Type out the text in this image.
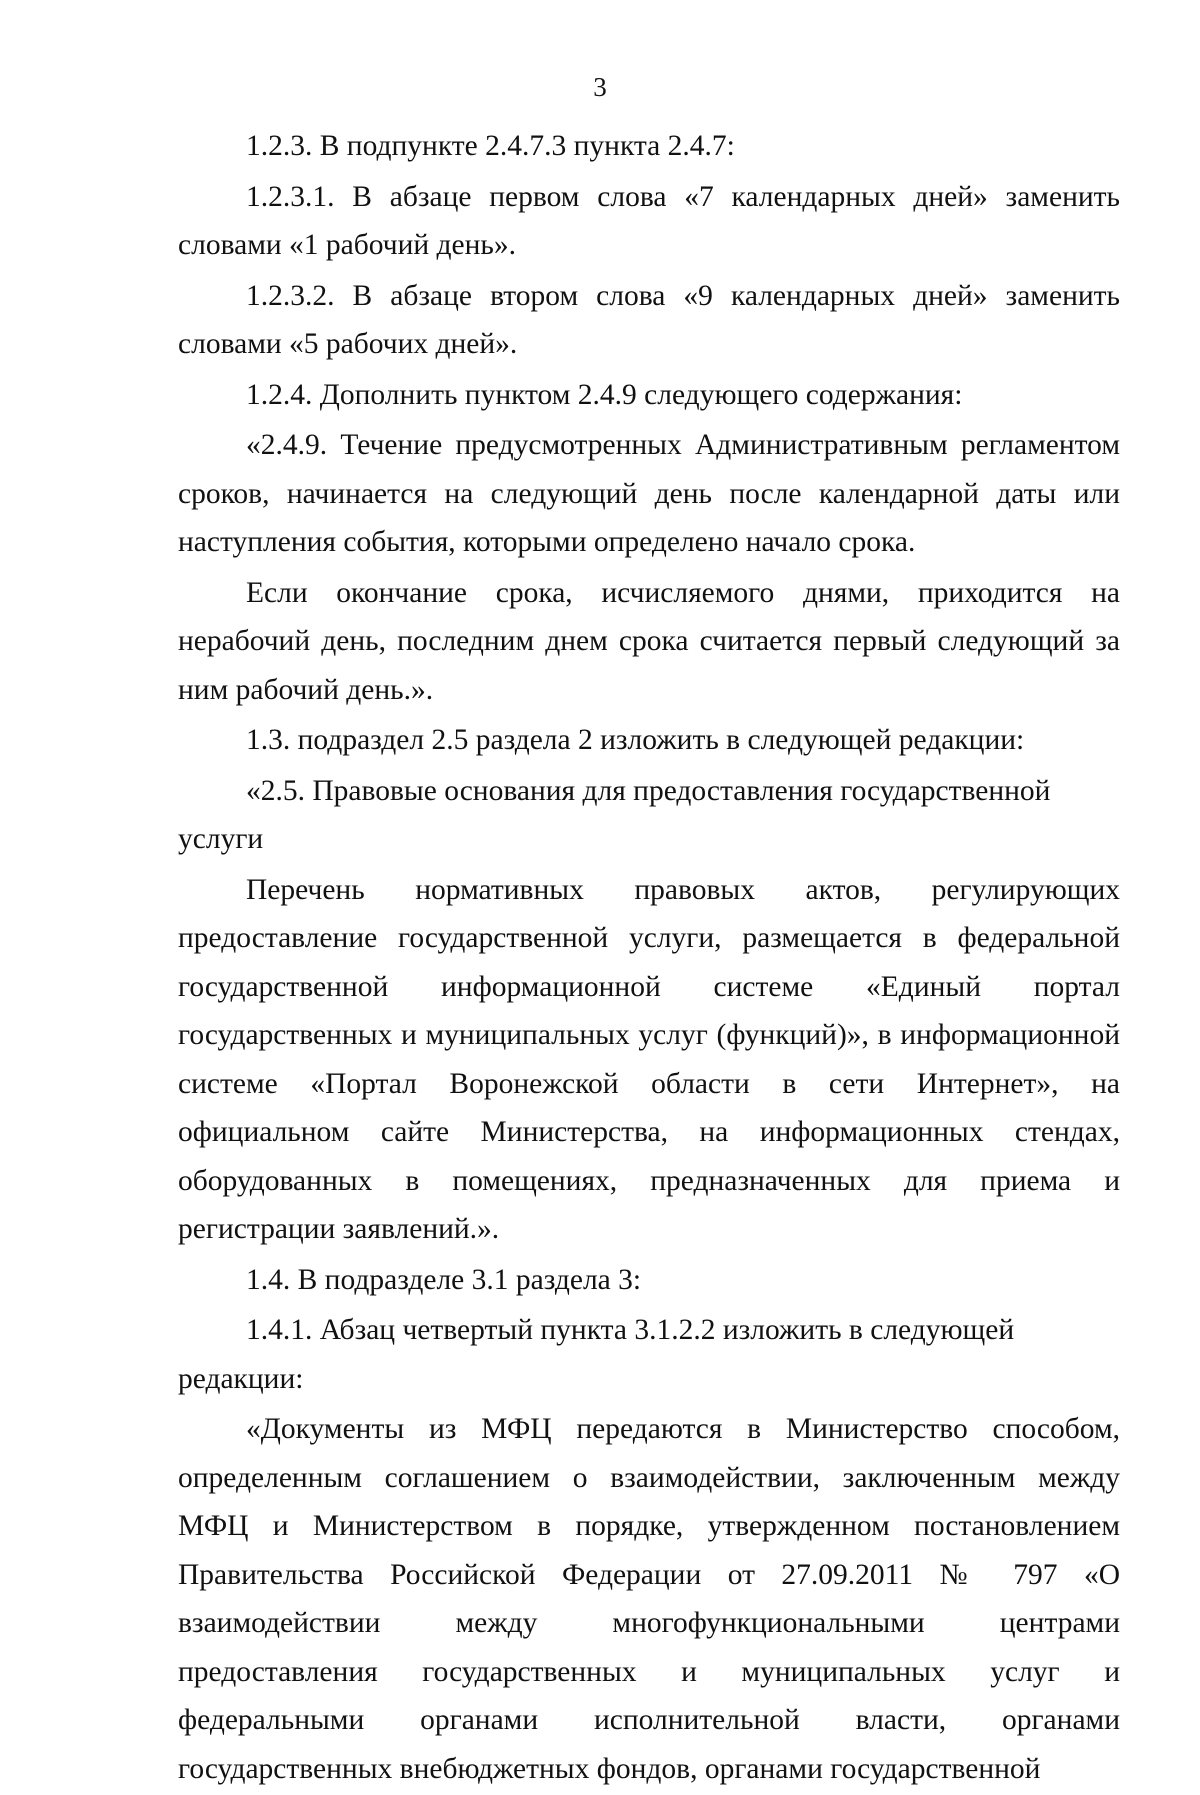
3

1.2.3. В подпункте 2.4.7.3 пункта 2.4.7:

1.2.3.1. В абзаце первом слова «7 календарных дней» заменить словами «1 рабочий день».

1.2.3.2. В абзаце втором слова «9 календарных дней» заменить словами «5 рабочих дней».

1.2.4. Дополнить пунктом 2.4.9 следующего содержания:

«2.4.9. Течение предусмотренных Административным регламентом сроков, начинается на следующий день после календарной даты или наступления события, которыми определено начало срока.

Если окончание срока, исчисляемого днями, приходится на нерабочий день, последним днем срока считается первый следующий за ним рабочий день.».

1.3. подраздел 2.5 раздела 2 изложить в следующей редакции:

«2.5. Правовые основания для предоставления государственной услуги

Перечень нормативных правовых актов, регулирующих предоставление государственной услуги, размещается в федеральной государственной информационной системе «Единый портал государственных и муниципальных услуг (функций)», в информационной системе «Портал Воронежской области в сети Интернет», на официальном сайте Министерства, на информационных стендах, оборудованных в помещениях, предназначенных для приема и регистрации заявлений.».

1.4. В подразделе 3.1 раздела 3:

1.4.1. Абзац четвертый пункта 3.1.2.2 изложить в следующей редакции:

«Документы из МФЦ передаются в Министерство способом, определенным соглашением о взаимодействии, заключенным между МФЦ и Министерством в порядке, утвержденном постановлением Правительства Российской Федерации от 27.09.2011 № 797 «О взаимодействии между многофункциональными центрами предоставления государственных и муниципальных услуг и федеральными органами исполнительной власти, органами государственных внебюджетных фондов, органами государственной
